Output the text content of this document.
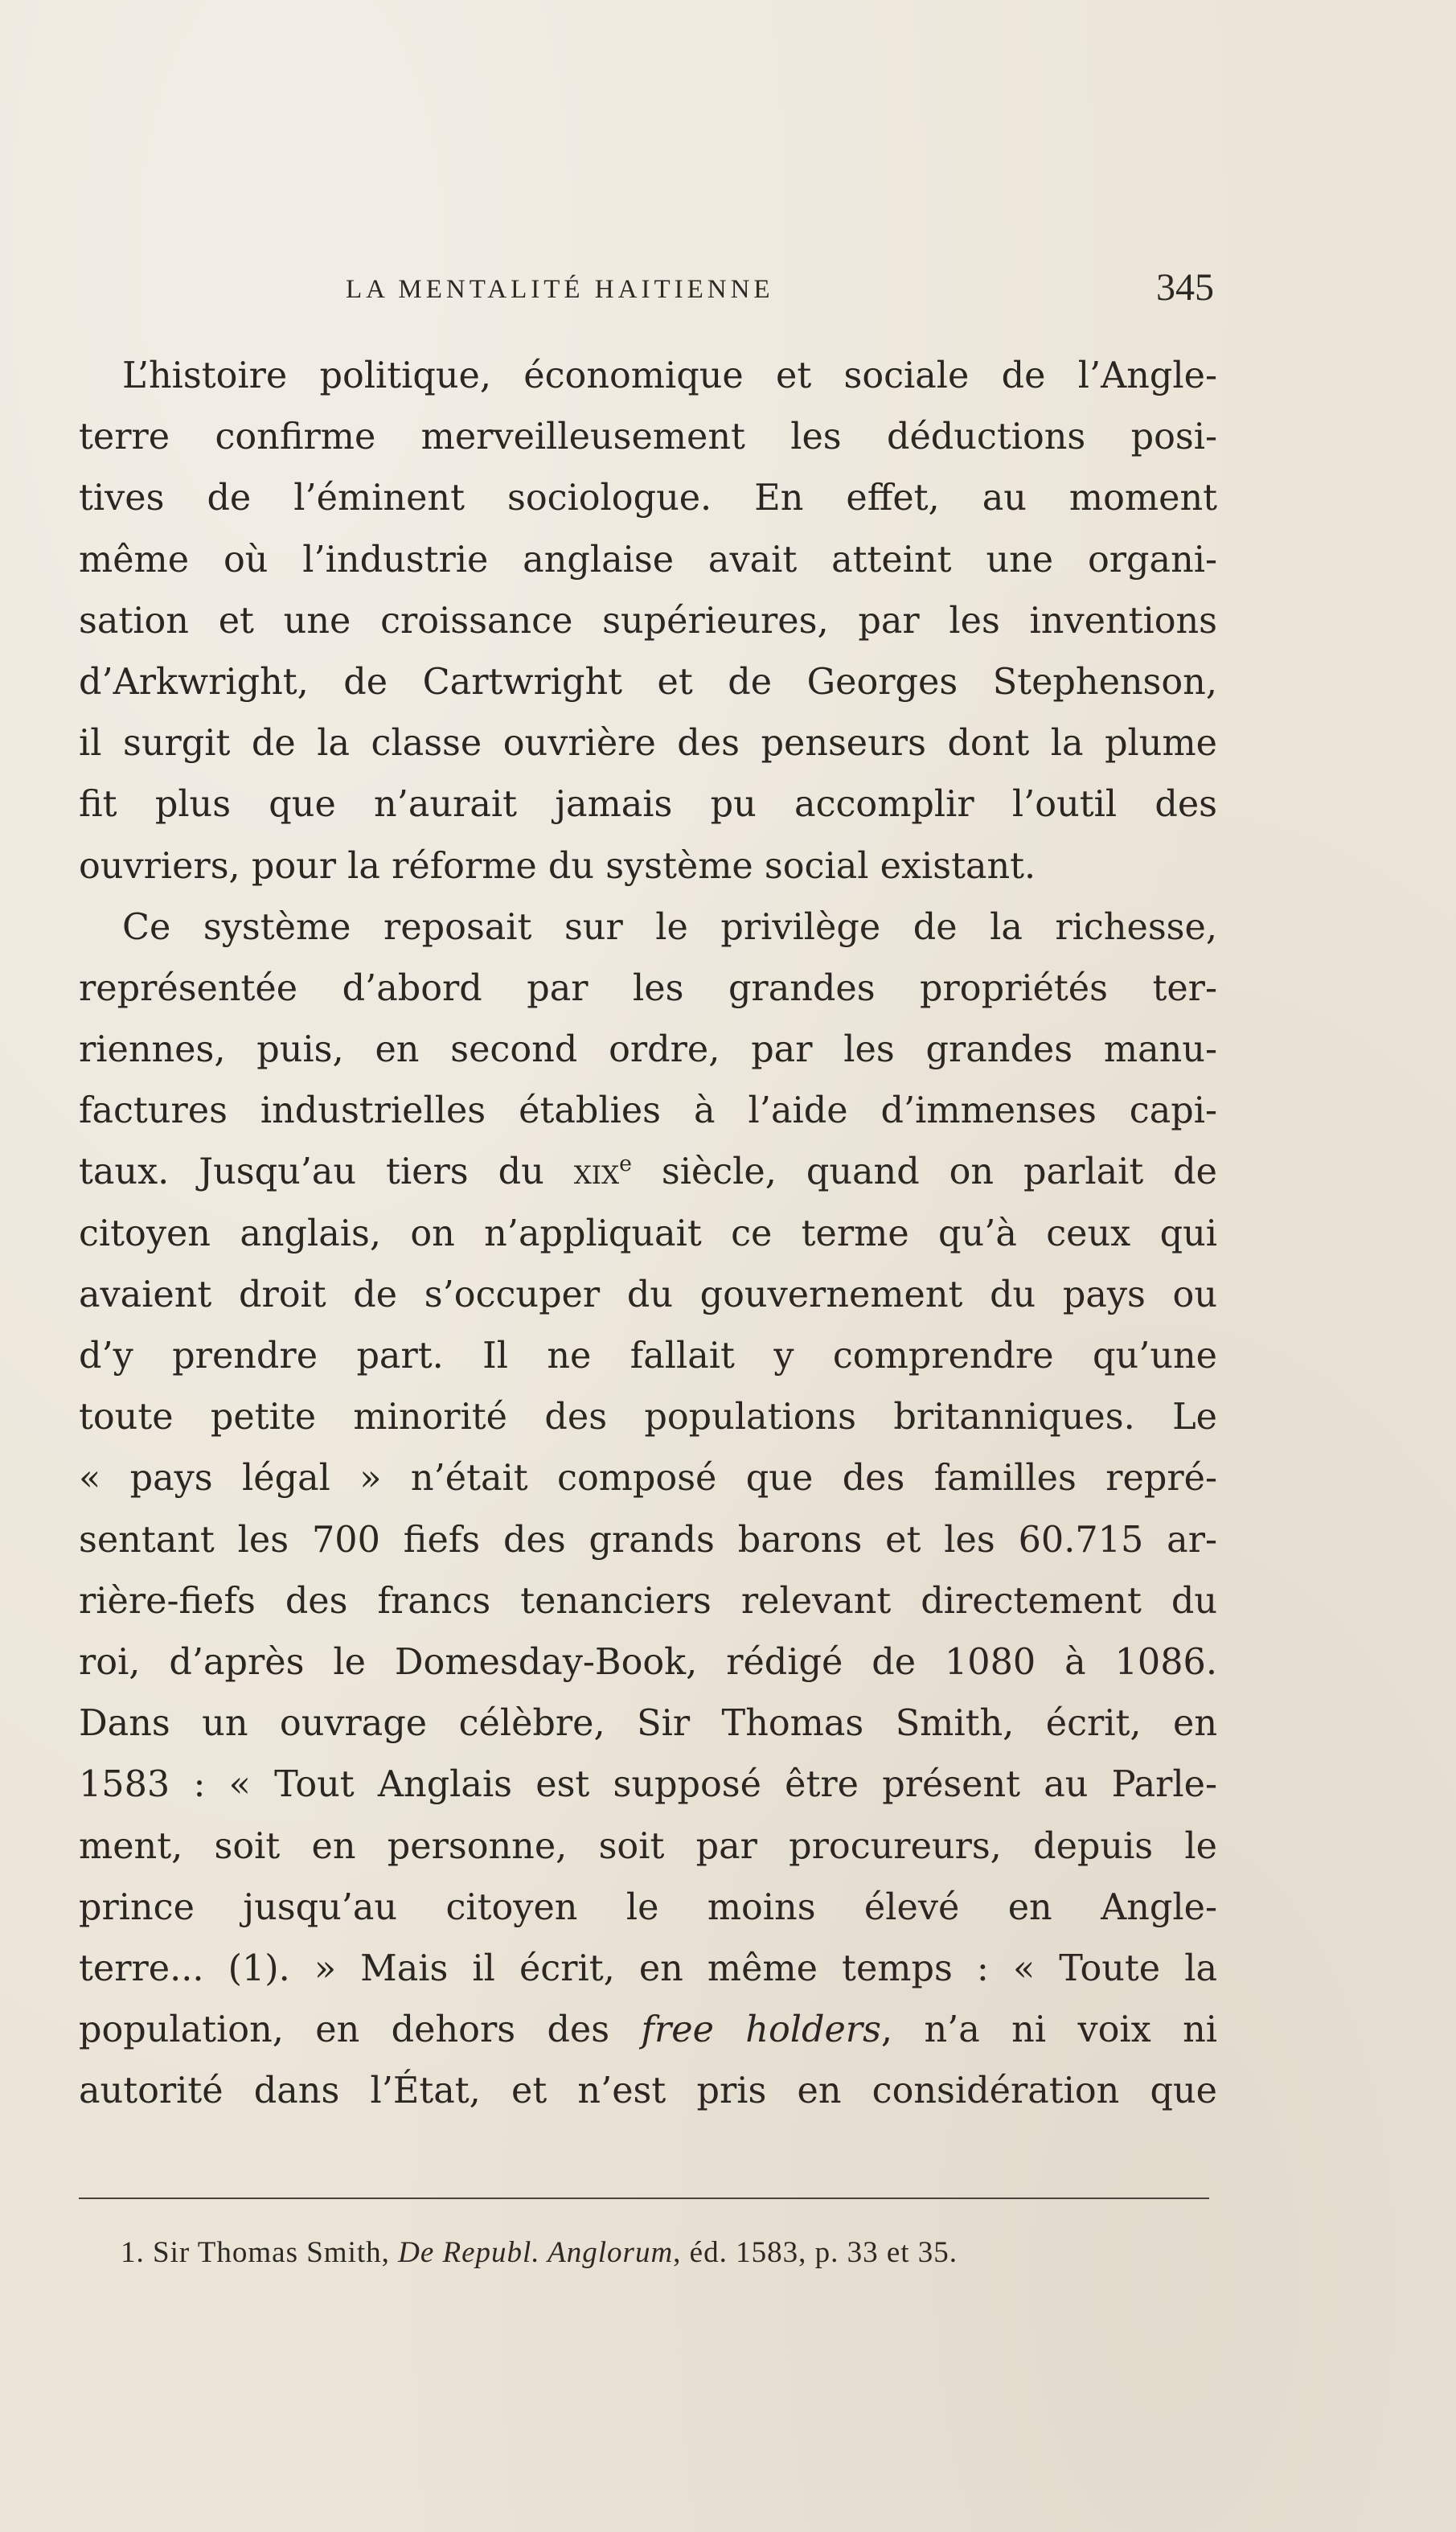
LA MENTALITÉ HAITIENNE	345
L’histoire politique, économique et sociale de l’Angle-
terre confirme merveilleusement les déductions posi-
tives de l’éminent sociologue. En effet, au moment
même où l’industrie anglaise avait atteint une organi-
sation et une croissance supérieures, par les inventions
d’Arkwright, de Cartwright et de Georges Stephenson,
il surgit de la classe ouvrière des penseurs dont la plume
fit plus que n’aurait jamais pu accomplir l’outil des
ouvriers, pour la réforme du système social existant.
Ce système reposait sur le privilège de la richesse,
représentée d’abord par les grandes propriétés ter-
riennes, puis, en second ordre, par les grandes manu-
factures industrielles établies à l’aide d’immenses capi-
taux. Jusqu’au tiers du xix$^e$ siècle, quand on parlait de
citoyen anglais, on n’appliquait ce terme qu’à ceux qui
avaient droit de s’occuper du gouvernement du pays ou
d’y prendre part. Il ne fallait y comprendre qu’une
toute petite minorité des populations britanniques. Le
« pays légal » n’était composé que des familles repré-
sentant les 700 fiefs des grands barons et les 60.715 ar-
rière-fiefs des francs tenanciers relevant directement du
roi, d’après le Domesday-Book, rédigé de 1080 à 1086.
Dans un ouvrage célèbre, Sir Thomas Smith, écrit, en
1583 : « Tout Anglais est supposé être présent au Parle-
ment, soit en personne, soit par procureurs, depuis le
prince jusqu’au citoyen le moins élevé en Angle-
terre... (1). » Mais il écrit, en même temps : « Toute la
population, en dehors des free holders, n’a ni voix ni
autorité dans l’État, et n’est pris en considération que
1. Sir Thomas Smith, De Republ. Anglorum, éd. 1583, p. 33 et 35.
